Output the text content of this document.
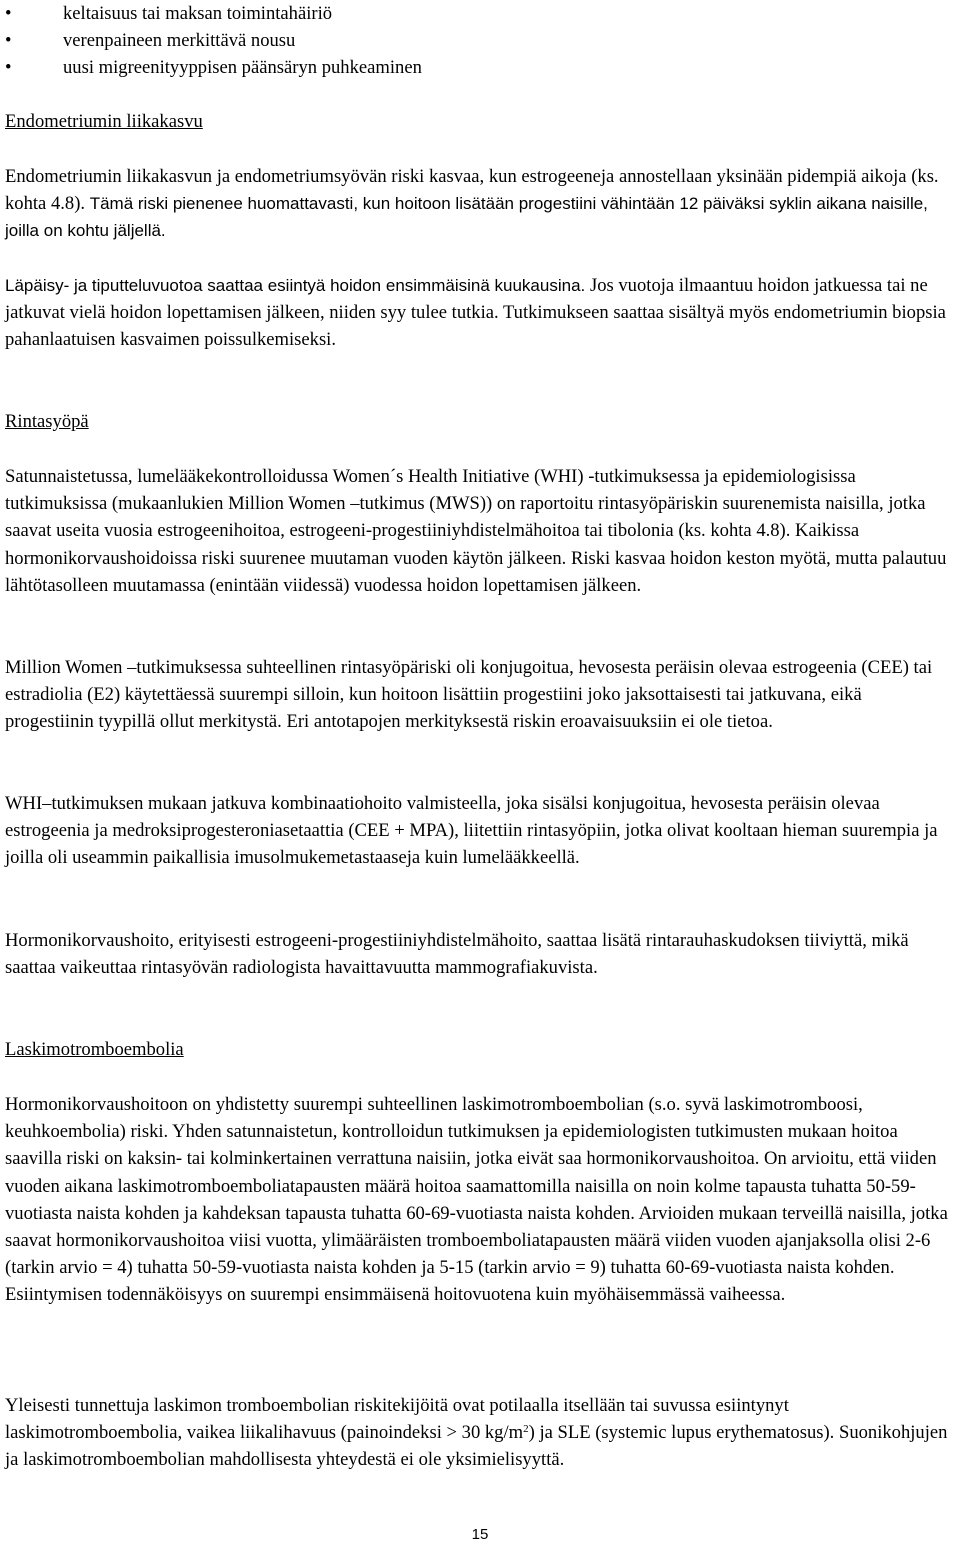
•	keltaisuus tai maksan toimintahäiriö
•	verenpaineen merkittävä nousu
•	uusi migreenityyppisen päänsäryn puhkeaminen
Endometriumin liikakasvu

Endometriumin liikakasvun ja endometriumsyövän riski kasvaa, kun estrogeeneja annostellaan yksinään pidempiä aikoja (ks. kohta 4.8). Tämä riski pienenee huomattavasti, kun hoitoon lisätään progestiini vähintään 12 päiväksi syklin aikana naisille, joilla on kohtu jäljellä.

Läpäisy- ja tiputteluvuotoa saattaa esiintyä hoidon ensimmäisinä kuukausina. Jos vuotoja ilmaantuu hoidon jatkuessa tai ne jatkuvat vielä hoidon lopettamisen jälkeen, niiden syy tulee tutkia. Tutkimukseen saattaa sisältyä myös endometriumin biopsia pahanlaatuisen kasvaimen poissulkemiseksi.

Rintasyöpä

Satunnaistetussa, lumelääkekontrolloidussa Women´s Health Initiative (WHI) -tutkimuksessa ja epidemiologisissa tutkimuksissa (mukaanlukien Million Women –tutkimus (MWS)) on raportoitu rintasyöpäriskin suurenemista naisilla, jotka saavat useita vuosia estrogeenihoitoa, estrogeeni-progestiiniyhdistelmähoitoa tai tibolonia (ks. kohta 4.8). Kaikissa hormonikorvaushoidoissa riski suurenee muutaman vuoden käytön jälkeen. Riski kasvaa hoidon keston myötä, mutta palautuu lähtötasolleen muutamassa (enintään viidessä) vuodessa hoidon lopettamisen jälkeen.

Million Women –tutkimuksessa suhteellinen rintasyöpäriski oli konjugoitua, hevosesta peräisin olevaa estrogeenia (CEE) tai estradiolia (E2) käytettäessä suurempi silloin, kun hoitoon lisättiin progestiini joko jaksottaisesti tai jatkuvana, eikä progestiinin tyypillä ollut merkitystä. Eri antotapojen merkityksestä riskin eroavaisuuksiin ei ole tietoa.

WHI–tutkimuksen mukaan jatkuva kombinaatiohoito valmisteella, joka sisälsi konjugoitua, hevosesta peräisin olevaa estrogeenia ja medroksiprogesteroniasetaattia (CEE + MPA), liitettiin rintasyöpiin, jotka olivat kooltaan hieman suurempia ja joilla oli useammin paikallisia imusolmukemetastaaseja kuin lumelääkkeellä.

Hormonikorvaushoito, erityisesti estrogeeni-progestiiniyhdistelmähoito, saattaa lisätä rintarauhaskudoksen tiiviyttä, mikä saattaa vaikeuttaa rintasyövän radiologista havaittavuutta mammografiakuvista.

Laskimotromboembolia

Hormonikorvaushoitoon on yhdistetty suurempi suhteellinen laskimotromboembolian (s.o. syvä laskimotromboosi, keuhkoembolia) riski. Yhden satunnaistetun, kontrolloidun tutkimuksen ja epidemiologisten tutkimusten mukaan hoitoa saavilla riski on kaksin- tai kolminkertainen verrattuna naisiin, jotka eivät saa hormonikorvaushoitoa. On arvioitu, että viiden vuoden aikana laskimotromboemboliatapausten määrä hoitoa saamattomilla naisilla on noin kolme tapausta tuhatta 50-59-vuotiasta naista kohden ja kahdeksan tapausta tuhatta 60-69-vuotiasta naista kohden. Arvioiden mukaan terveillä naisilla, jotka saavat hormonikorvaushoitoa viisi vuotta, ylimääräisten tromboemboliatapausten määrä viiden vuoden ajanjaksolla olisi 2-6 (tarkin arvio = 4) tuhatta 50-59-vuotiasta naista kohden ja 5-15 (tarkin arvio = 9) tuhatta 60-69-vuotiasta naista kohden. Esiintymisen todennäköisyys on suurempi ensimmäisenä hoitovuotena kuin myöhäisemmässä vaiheessa.

Yleisesti tunnettuja laskimon tromboembolian riskitekijöitä ovat potilaalla itsellään tai suvussa esiintynyt laskimotromboembolia, vaikea liikalihavuus (painoindeksi > 30 $kg/m^2$) ja SLE (systemic lupus erythematosus). Suonikohjujen ja laskimotromboembolian mahdollisesta yhteydestä ei ole yksimielisyyttä.

15
